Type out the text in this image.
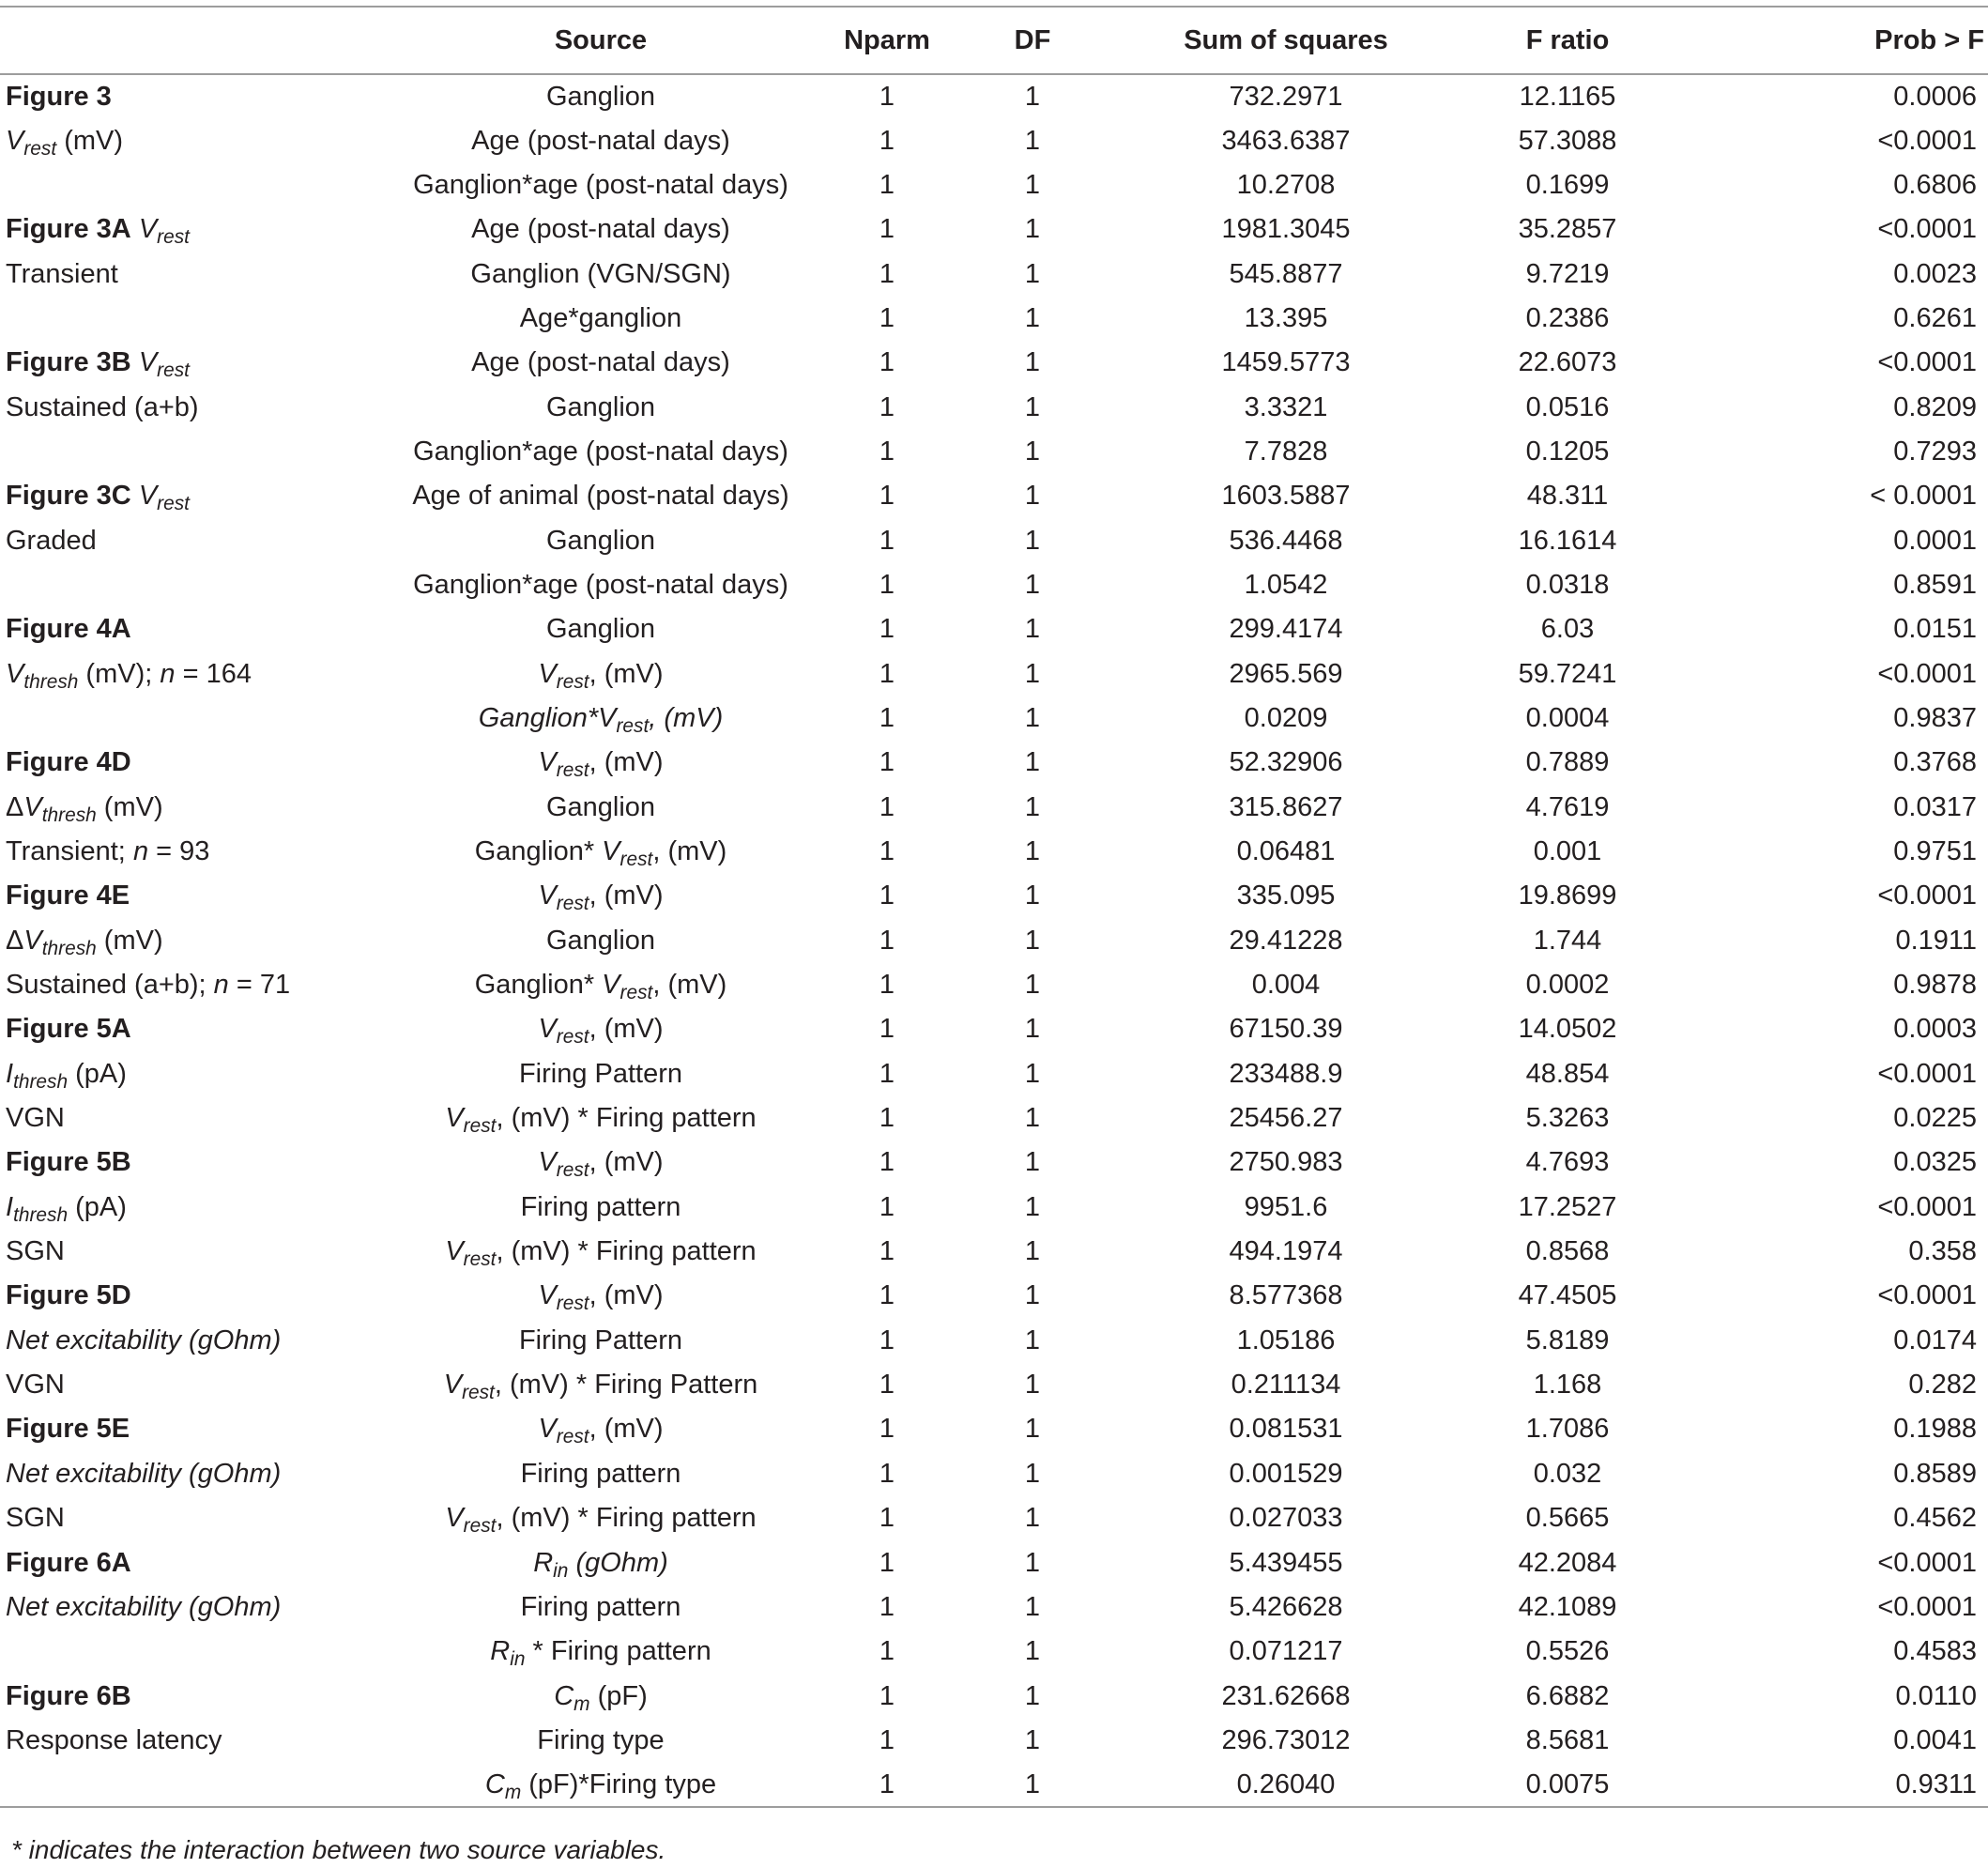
	Source	Nparm	DF	Sum of squares	F ratio	Prob > F
Figure 3	Ganglion	1	1	732.2971	12.1165	0.0006
$V_{rest}$ (mV)	Age (post-natal days)	1	1	3463.6387	57.3088	<0.0001
	Ganglion*age (post-natal days)	1	1	10.2708	0.1699	0.6806
Figure 3A $V_{rest}$	Age (post-natal days)	1	1	1981.3045	35.2857	<0.0001
Transient	Ganglion (VGN/SGN)	1	1	545.8877	9.7219	0.0023
	Age*ganglion	1	1	13.395	0.2386	0.6261
Figure 3B $V_{rest}$	Age (post-natal days)	1	1	1459.5773	22.6073	<0.0001
Sustained (a+b)	Ganglion	1	1	3.3321	0.0516	0.8209
	Ganglion*age (post-natal days)	1	1	7.7828	0.1205	0.7293
Figure 3C $V_{rest}$	Age of animal (post-natal days)	1	1	1603.5887	48.311	< 0.0001
Graded	Ganglion	1	1	536.4468	16.1614	0.0001
	Ganglion*age (post-natal days)	1	1	1.0542	0.0318	0.8591
Figure 4A	Ganglion	1	1	299.4174	6.03	0.0151
$V_{thresh}$ (mV); n = 164	$V_{rest}$, (mV)	1	1	2965.569	59.7241	<0.0001
	$Ganglion*V_{rest}$, (mV)	1	1	0.0209	0.0004	0.9837
Figure 4D	$V_{rest}$, (mV)	1	1	52.32906	0.7889	0.3768
$\Delta V_{thresh}$ (mV)	Ganglion	1	1	315.8627	4.7619	0.0317
Transient; n = 93	Ganglion* $V_{rest}$, (mV)	1	1	0.06481	0.001	0.9751
Figure 4E	$V_{rest}$, (mV)	1	1	335.095	19.8699	<0.0001
$\Delta V_{thresh}$ (mV)	Ganglion	1	1	29.41228	1.744	0.1911
Sustained (a+b); n = 71	Ganglion* $V_{rest}$, (mV)	1	1	0.004	0.0002	0.9878
Figure 5A	$V_{rest}$, (mV)	1	1	67150.39	14.0502	0.0003
$I_{thresh}$ (pA)	Firing Pattern	1	1	233488.9	48.854	<0.0001
VGN	$V_{rest}$, (mV) * Firing pattern	1	1	25456.27	5.3263	0.0225
Figure 5B	$V_{rest}$, (mV)	1	1	2750.983	4.7693	0.0325
$I_{thresh}$ (pA)	Firing pattern	1	1	9951.6	17.2527	<0.0001
SGN	$V_{rest}$, (mV) * Firing pattern	1	1	494.1974	0.8568	0.358
Figure 5D	$V_{rest}$, (mV)	1	1	8.577368	47.4505	<0.0001
Net excitability (gOhm)	Firing Pattern	1	1	1.05186	5.8189	0.0174
VGN	$V_{rest}$, (mV) * Firing Pattern	1	1	0.211134	1.168	0.282
Figure 5E	$V_{rest}$, (mV)	1	1	0.081531	1.7086	0.1988
Net excitability (gOhm)	Firing pattern	1	1	0.001529	0.032	0.8589
SGN	$V_{rest}$, (mV) * Firing pattern	1	1	0.027033	0.5665	0.4562
Figure 6A	$R_{in}$ (gOhm)	1	1	5.439455	42.2084	<0.0001
Net excitability (gOhm)	Firing pattern	1	1	5.426628	42.1089	<0.0001
	$R_{in}$ * Firing pattern	1	1	0.071217	0.5526	0.4583
Figure 6B	$C_m$ (pF)	1	1	231.62668	6.6882	0.0110
Response latency	Firing type	1	1	296.73012	8.5681	0.0041
	$C_m$ (pF)*Firing type	1	1	0.26040	0.0075	0.9311
* indicates the interaction between two source variables.
